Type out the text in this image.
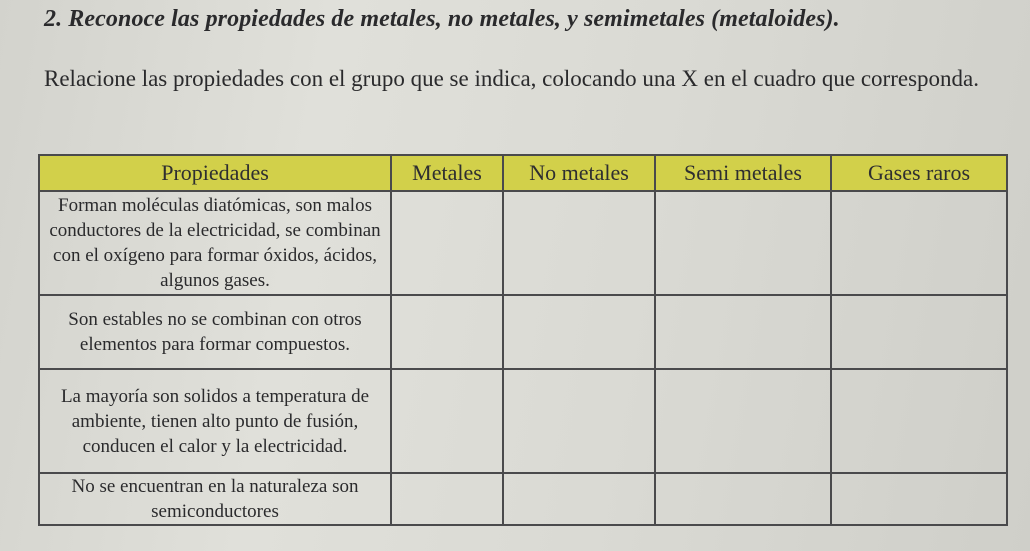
2. Reconoce las propiedades de metales, no metales, y semimetales (metaloides).

Relacione las propiedades con el grupo que se indica, colocando una X en el cuadro que corresponda.

Propiedades	Metales	No metales	Semi metales	Gases raros
Forman moléculas diatómicas, son malos conductores de la electricidad, se combinan con el oxígeno para formar óxidos, ácidos, algunos gases.				
Son estables no se combinan con otros elementos para formar compuestos.				
La mayoría son solidos a temperatura de ambiente, tienen alto punto de fusión, conducen el calor y la electricidad.				
No se encuentran en la naturaleza son semiconductores				
